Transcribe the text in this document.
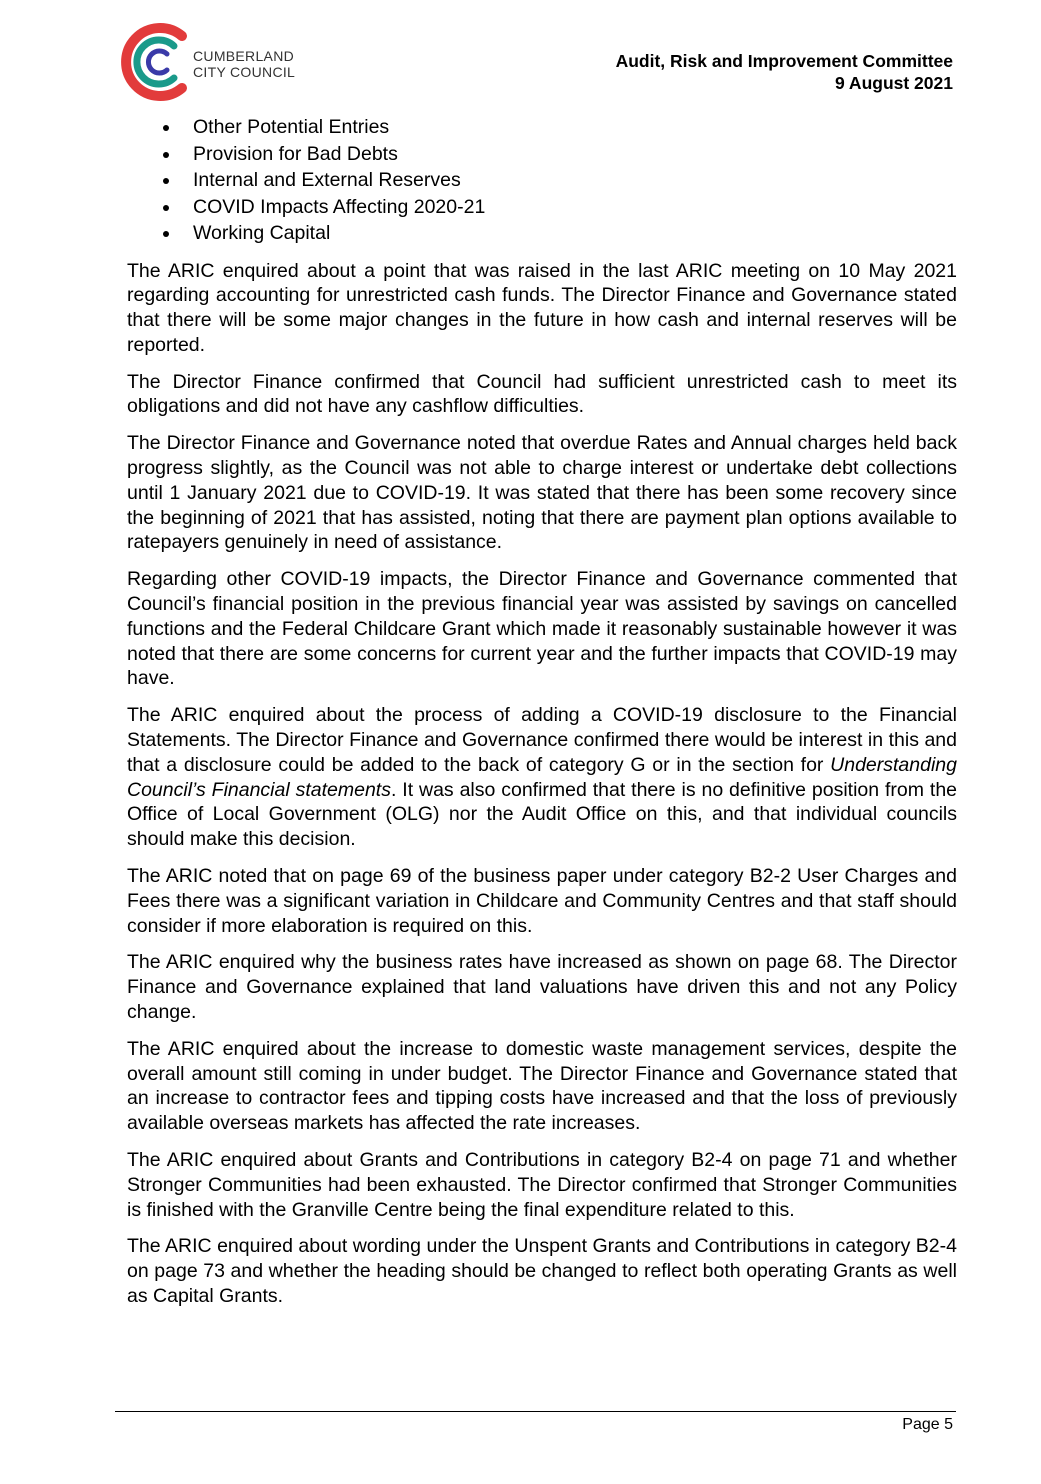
CUMBERLAND
CITY COUNCIL
Audit, Risk and Improvement Committee
9 August 2021
Other Potential Entries
Provision for Bad Debts
Internal and External Reserves
COVID Impacts Affecting 2020-21
Working Capital

The ARIC enquired about a point that was raised in the last ARIC meeting on 10 May 2021 regarding accounting for unrestricted cash funds. The Director Finance and Governance stated that there will be some major changes in the future in how cash and internal reserves will be reported.

The Director Finance confirmed that Council had sufficient unrestricted cash to meet its obligations and did not have any cashflow difficulties.

The Director Finance and Governance noted that overdue Rates and Annual charges held back progress slightly, as the Council was not able to charge interest or undertake debt collections until 1 January 2021 due to COVID-19. It was stated that there has been some recovery since the beginning of 2021 that has assisted, noting that there are payment plan options available to ratepayers genuinely in need of assistance.

Regarding other COVID-19 impacts, the Director Finance and Governance commented that Council’s financial position in the previous financial year was assisted by savings on cancelled functions and the Federal Childcare Grant which made it reasonably sustainable however it was noted that there are some concerns for current year and the further impacts that COVID-19 may have.

The ARIC enquired about the process of adding a COVID-19 disclosure to the Financial Statements. The Director Finance and Governance confirmed there would be interest in this and that a disclosure could be added to the back of category G or in the section for Understanding Council’s Financial statements. It was also confirmed that there is no definitive position from the Office of Local Government (OLG) nor the Audit Office on this, and that individual councils should make this decision.

The ARIC noted that on page 69 of the business paper under category B2-2 User Charges and Fees there was a significant variation in Childcare and Community Centres and that staff should consider if more elaboration is required on this.

The ARIC enquired why the business rates have increased as shown on page 68. The Director Finance and Governance explained that land valuations have driven this and not any Policy change.

The ARIC enquired about the increase to domestic waste management services, despite the overall amount still coming in under budget. The Director Finance and Governance stated that an increase to contractor fees and tipping costs have increased and that the loss of previously available overseas markets has affected the rate increases.

The ARIC enquired about Grants and Contributions in category B2-4 on page 71 and whether Stronger Communities had been exhausted. The Director confirmed that Stronger Communities is finished with the Granville Centre being the final expenditure related to this.

The ARIC enquired about wording under the Unspent Grants and Contributions in category B2-4 on page 73 and whether the heading should be changed to reflect both operating Grants as well as Capital Grants.

Page 5
